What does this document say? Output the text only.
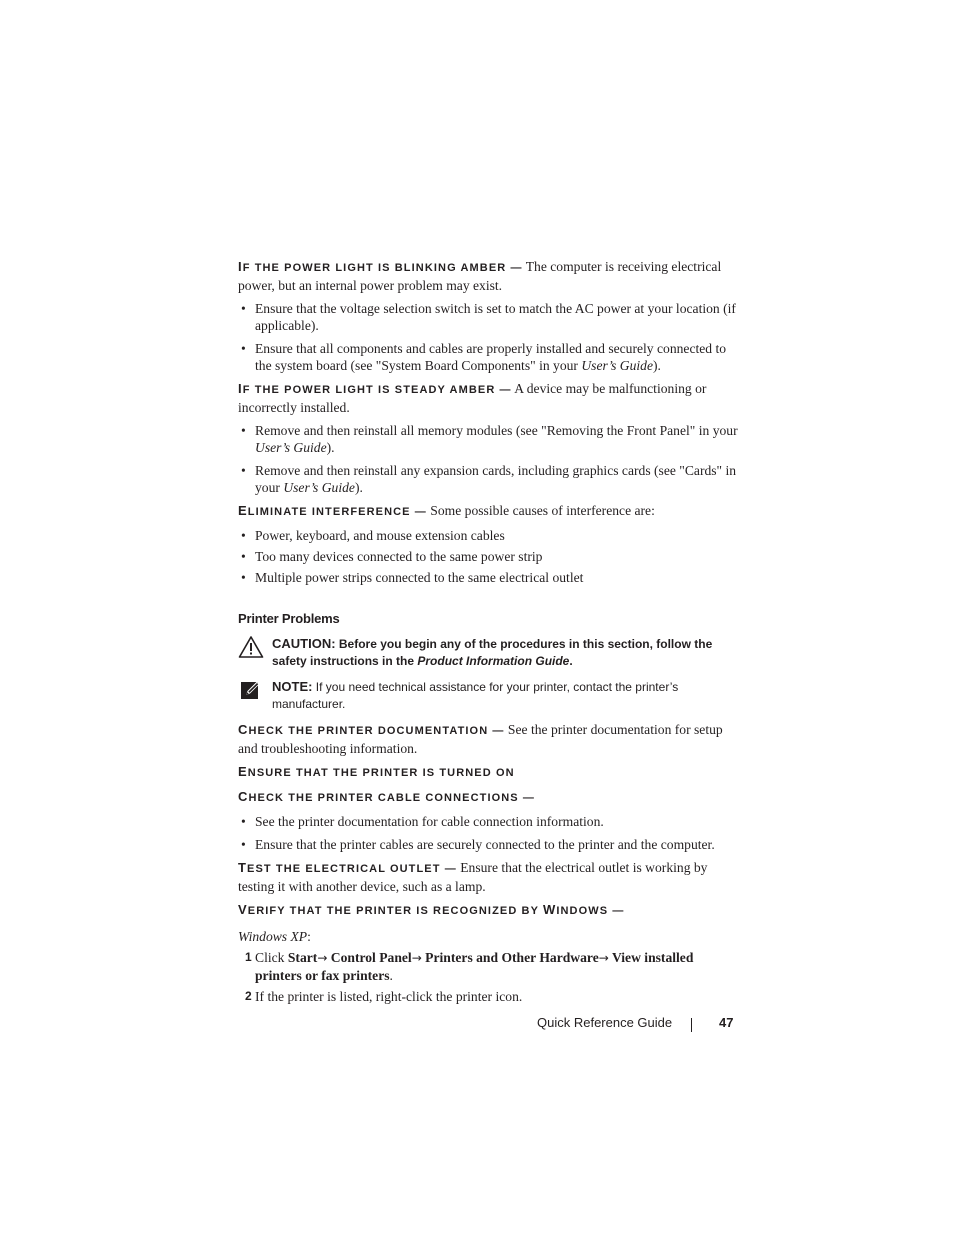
IF THE POWER LIGHT IS BLINKING AMBER — The computer is receiving electrical power, but an internal power problem may exist.

• Ensure that the voltage selection switch is set to match the AC power at your location (if applicable).
• Ensure that all components and cables are properly installed and securely connected to the system board (see "System Board Components" in your User’s Guide).

IF THE POWER LIGHT IS STEADY AMBER — A device may be malfunctioning or incorrectly installed.

• Remove and then reinstall all memory modules (see "Removing the Front Panel" in your User’s Guide).
• Remove and then reinstall any expansion cards, including graphics cards (see "Cards" in your User’s Guide).

ELIMINATE INTERFERENCE — Some possible causes of interference are:

• Power, keyboard, and mouse extension cables
• Too many devices connected to the same power strip
• Multiple power strips connected to the same electrical outlet
Printer Problems
CAUTION: Before you begin any of the procedures in this section, follow the safety instructions in the Product Information Guide.
NOTE: If you need technical assistance for your printer, contact the printer’s manufacturer.

CHECK THE PRINTER DOCUMENTATION — See the printer documentation for setup and troubleshooting information.

ENSURE THAT THE PRINTER IS TURNED ON

CHECK THE PRINTER CABLE CONNECTIONS —

• See the printer documentation for cable connection information.
• Ensure that the printer cables are securely connected to the printer and the computer.

TEST THE ELECTRICAL OUTLET — Ensure that the electrical outlet is working by testing it with another device, such as a lamp.

VERIFY THAT THE PRINTER IS RECOGNIZED BY WINDOWS —

Windows XP:

1 Click Start→ Control Panel→ Printers and Other Hardware→ View installed printers or fax printers.
2 If the printer is listed, right-click the printer icon.
Quick Reference Guide	47
